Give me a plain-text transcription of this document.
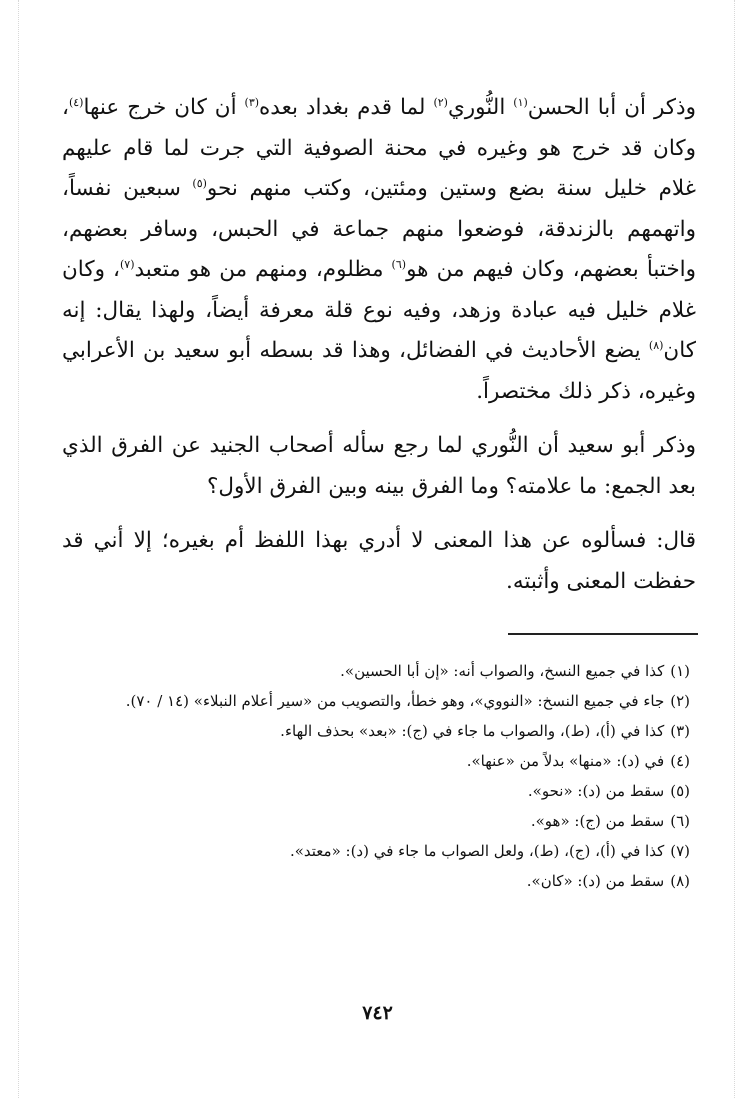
وذكر أن أبا الحسن$^{(١)}$ النُّوري$^{(٢)}$ لما قدم بغداد بعده$^{(٣)}$ أن كان خرج عنها$^{(٤)}$، وكان قد خرج هو وغيره في محنة الصوفية التي جرت لما قام عليهم غلام خليل سنة بضع وستين ومئتين، وكتب منهم نحو$^{(٥)}$ سبعين نفساً، واتهمهم بالزندقة، فوضعوا منهم جماعة في الحبس، وسافر بعضهم، واختبأ بعضهم، وكان فيهم من هو$^{(٦)}$ مظلوم، ومنهم من هو متعبد$^{(٧)}$، وكان غلام خليل فيه عبادة وزهد، وفيه نوع قلة معرفة أيضاً، ولهذا يقال: إنه كان$^{(٨)}$ يضع الأحاديث في الفضائل، وهذا قد بسطه أبو سعيد بن الأعرابي وغيره، ذكر ذلك مختصراً.

وذكر أبو سعيد أن النُّوري لما رجع سأله أصحاب الجنيد عن الفرق الذي بعد الجمع: ما علامته؟ وما الفرق بينه وبين الفرق الأول؟

قال: فسألوه عن هذا المعنى لا أدري بهذا اللفظ أم بغيره؛ إلا أني قد حفظت المعنى وأثبته.

(١)كذا في جميع النسخ، والصواب أنه: «إن أبا الحسين».

(٢)جاء في جميع النسخ: «النووي»، وهو خطأ، والتصويب من «سير أعلام النبلاء» (١٤ / ٧٠).

(٣)كذا في (أ)، (ط)، والصواب ما جاء في (ج): «بعد» بحذف الهاء.

(٤)في (د): «منها» بدلاً من «عنها».

(٥)سقط من (د): «نحو».

(٦)سقط من (ج): «هو».

(٧)كذا في (أ)، (ج)، (ط)، ولعل الصواب ما جاء في (د): «معتد».

(٨)سقط من (د): «كان».

٧٤٢
